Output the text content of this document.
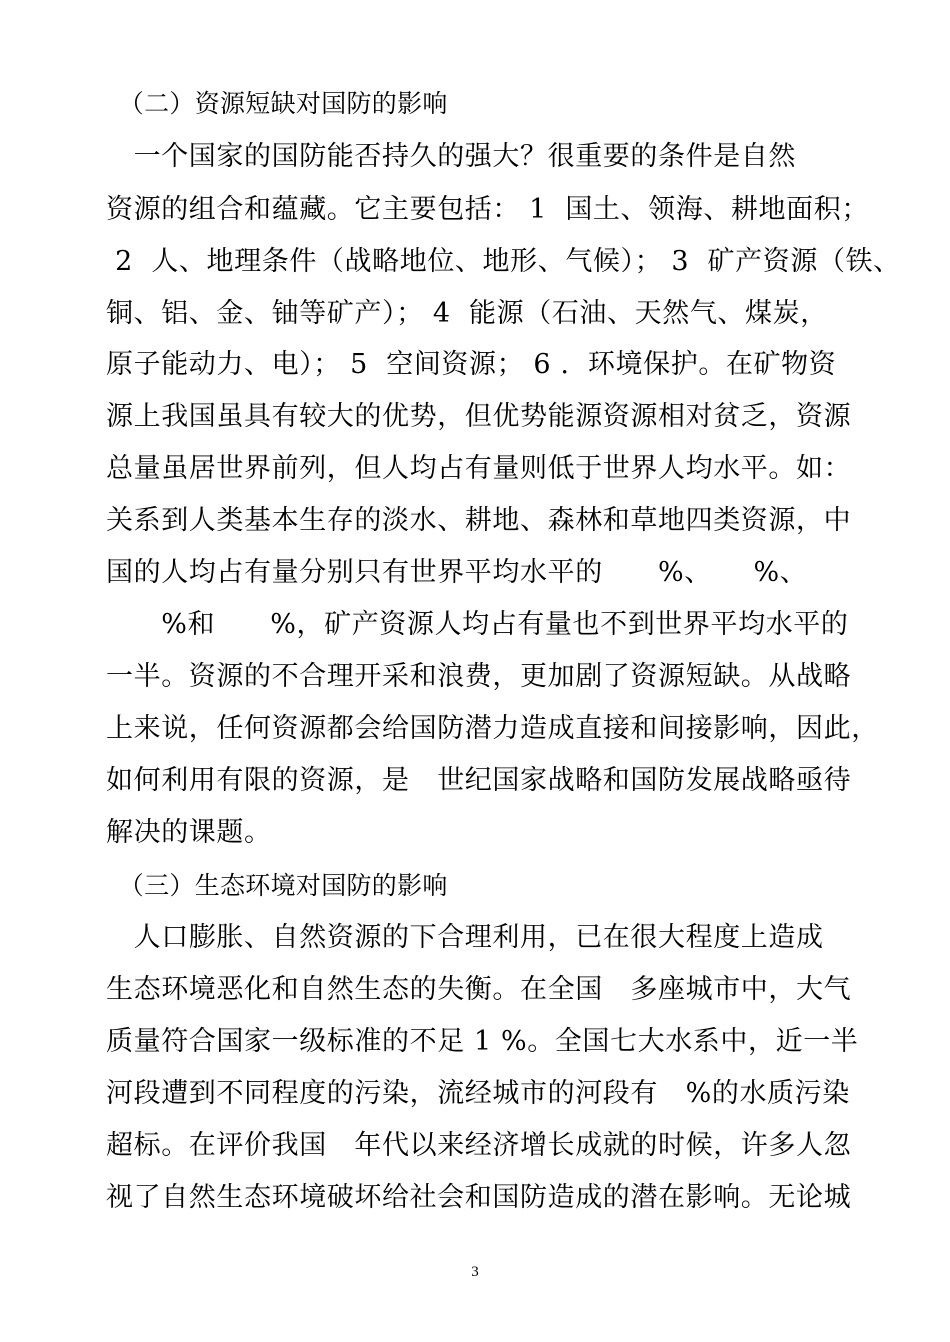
　（二）资源短缺对国防的影响
　一个国家的国防能否持久的强大？很重要的条件是自然
资源的组合和蕴藏。它主要包括： 1  国土、领海、耕地面积；
2  人、地理条件（战略地位、地形、气候）； 3  矿产资源（铁、
铜、铝、金、铀等矿产）； 4  能源（石油、天然气、煤炭，
原子能动力、电）； 5  空间资源； 6 .  环境保护。在矿物资
源上我国虽具有较大的优势，但优势能源资源相对贫乏，资源
总量虽居世界前列，但人均占有量则低于世界人均水平。如：
关系到人类基本生存的淡水、耕地、森林和草地四类资源，中
国的人均占有量分别只有世界平均水平的　　%、　　%、
　　%和　　%，矿产资源人均占有量也不到世界平均水平的
一半。资源的不合理开采和浪费，更加剧了资源短缺。从战略
上来说，任何资源都会给国防潜力造成直接和间接影响，因此，
如何利用有限的资源，是　世纪国家战略和国防发展战略亟待
解决的课题。
　（三）生态环境对国防的影响
　人口膨胀、自然资源的下合理利用，已在很大程度上造成
生态环境恶化和自然生态的失衡。在全国　多座城市中，大气
质量符合国家一级标准的不足 1 %。全国七大水系中，近一半
河段遭到不同程度的污染，流经城市的河段有　%的水质污染
超标。在评价我国　年代以来经济增长成就的时候，许多人忽
视了自然生态环境破坏给社会和国防造成的潜在影响。无论城
3
